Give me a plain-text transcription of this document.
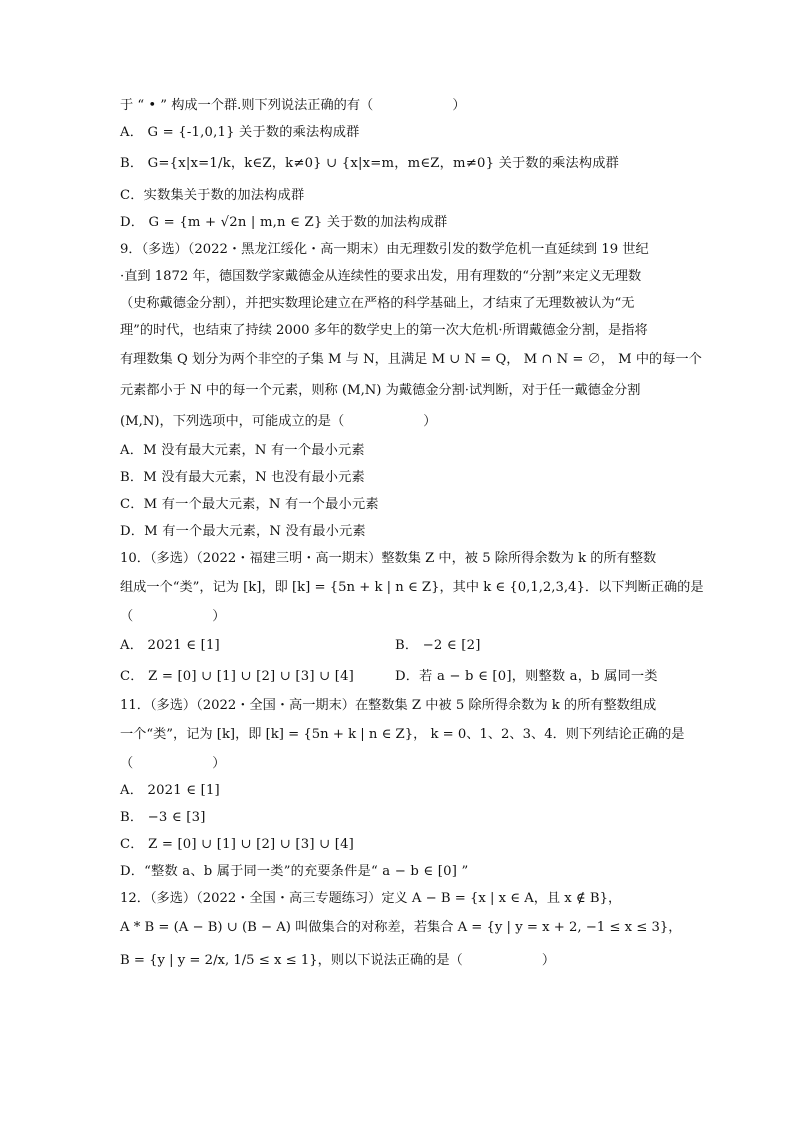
于 “ • ” 构成一个群.则下列说法正确的有（　　　　　　）
A． G = {-1,0,1} 关于数的乘法构成群
B． G={x|x=1/k，k∈Z，k≠0} ∪ {x|x=m，m∈Z，m≠0} 关于数的乘法构成群
C．实数集关于数的加法构成群
D． G = {m + √2n | m,n ∈ Z} 关于数的加法构成群
9．（多选）（2022・黑龙江绥化・高一期末）由无理数引发的数学危机一直延续到 19 世纪
·直到 1872 年，德国数学家戴德金从连续性的要求出发，用有理数的“分割”来定义无理数
（史称戴德金分割），并把实数理论建立在严格的科学基础上，才结束了无理数被认为“无
理”的时代，也结束了持续 2000 多年的数学史上的第一次大危机·所谓戴德金分割，是指将
有理数集 Q 划分为两个非空的子集 M 与 N，且满足 M ∪ N = Q， M ∩ N = ∅， M 中的每一个
元素都小于 N 中的每一个元素，则称 (M,N) 为戴德金分割·试判断，对于任一戴德金分割
(M,N)，下列选项中，可能成立的是（　　　　　　）
A．M 没有最大元素，N 有一个最小元素
B．M 没有最大元素，N 也没有最小元素
C．M 有一个最大元素，N 有一个最小元素
D．M 有一个最大元素，N 没有最小元素
10．（多选）（2022・福建三明・高一期末）整数集 Z 中，被 5 除所得余数为 k 的所有整数
组成一个“类”，记为 [k]，即 [k] = {5n + k | n ∈ Z}，其中 k ∈ {0,1,2,3,4}．以下判断正确的是
（　　　　　　）
A． 2021 ∈ [1]	B． −2 ∈ [2]
C． Z = [0] ∪ [1] ∪ [2] ∪ [3] ∪ [4]	D．若 a − b ∈ [0]，则整数 a，b 属同一类
11．（多选）（2022・全国・高一期末）在整数集 Z 中被 5 除所得余数为 k 的所有整数组成
一个“类”，记为 [k]，即 [k] = {5n + k | n ∈ Z}， k = 0、1、2、3、4．则下列结论正确的是
（　　　　　　）
A． 2021 ∈ [1]
B． −3 ∈ [3]
C． Z = [0] ∪ [1] ∪ [2] ∪ [3] ∪ [4]
D．“整数 a、b 属于同一类”的充要条件是“ a − b ∈ [0] ”
12．（多选）（2022・全国・高三专题练习）定义 A − B = {x | x ∈ A，且 x ∉ B}，
A * B = (A − B) ∪ (B − A) 叫做集合的对称差，若集合 A = {y | y = x + 2, −1 ≤ x ≤ 3}，
B = {y | y = 2/x, 1/5 ≤ x ≤ 1}，则以下说法正确的是（　　　　　　）
